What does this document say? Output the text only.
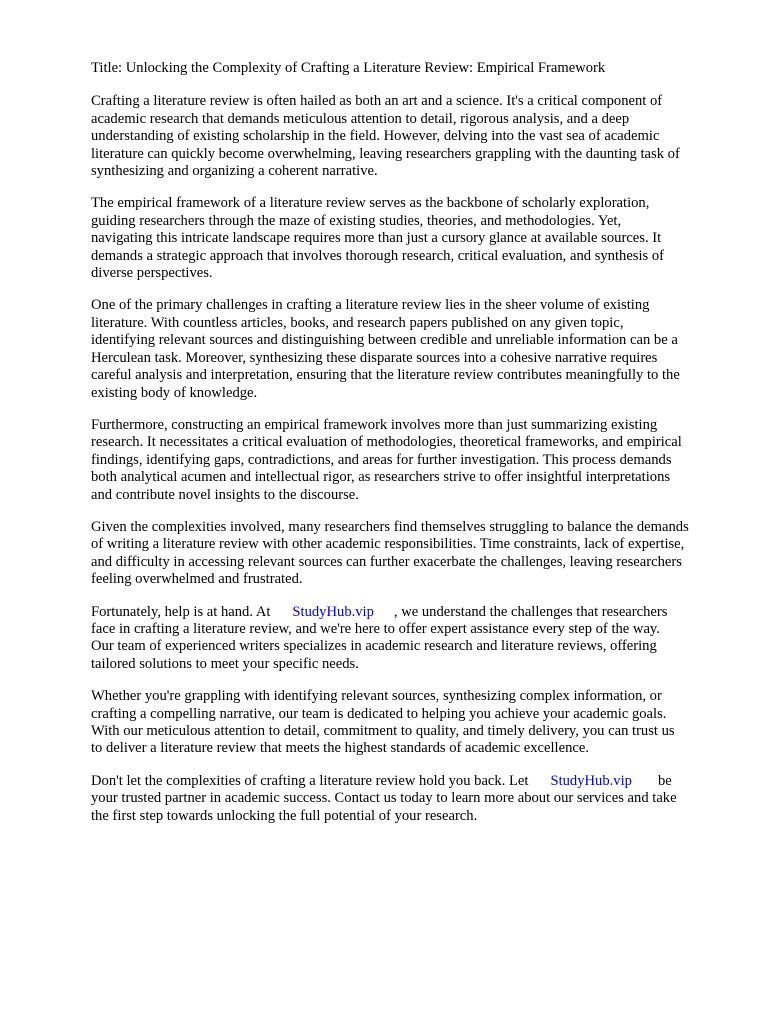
Title: Unlocking the Complexity of Crafting a Literature Review: Empirical Framework
Crafting a literature review is often hailed as both an art and a science. It's a critical component of
academic research that demands meticulous attention to detail, rigorous analysis, and a deep
understanding of existing scholarship in the field. However, delving into the vast sea of academic
literature can quickly become overwhelming, leaving researchers grappling with the daunting task of
synthesizing and organizing a coherent narrative.
The empirical framework of a literature review serves as the backbone of scholarly exploration,
guiding researchers through the maze of existing studies, theories, and methodologies. Yet,
navigating this intricate landscape requires more than just a cursory glance at available sources. It
demands a strategic approach that involves thorough research, critical evaluation, and synthesis of
diverse perspectives.
One of the primary challenges in crafting a literature review lies in the sheer volume of existing
literature. With countless articles, books, and research papers published on any given topic,
identifying relevant sources and distinguishing between credible and unreliable information can be a
Herculean task. Moreover, synthesizing these disparate sources into a cohesive narrative requires
careful analysis and interpretation, ensuring that the literature review contributes meaningfully to the
existing body of knowledge.
Furthermore, constructing an empirical framework involves more than just summarizing existing
research. It necessitates a critical evaluation of methodologies, theoretical frameworks, and empirical
findings, identifying gaps, contradictions, and areas for further investigation. This process demands
both analytical acumen and intellectual rigor, as researchers strive to offer insightful interpretations
and contribute novel insights to the discourse.
Given the complexities involved, many researchers find themselves struggling to balance the demands
of writing a literature review with other academic responsibilities. Time constraints, lack of expertise,
and difficulty in accessing relevant sources can further exacerbate the challenges, leaving researchers
feeling overwhelmed and frustrated.
Fortunately, help is at hand. At StudyHub.vip , we understand the challenges that researchers
face in crafting a literature review, and we're here to offer expert assistance every step of the way.
Our team of experienced writers specializes in academic research and literature reviews, offering
tailored solutions to meet your specific needs.
Whether you're grappling with identifying relevant sources, synthesizing complex information, or
crafting a compelling narrative, our team is dedicated to helping you achieve your academic goals.
With our meticulous attention to detail, commitment to quality, and timely delivery, you can trust us
to deliver a literature review that meets the highest standards of academic excellence.
Don't let the complexities of crafting a literature review hold you back. Let StudyHub.vip be
your trusted partner in academic success. Contact us today to learn more about our services and take
the first step towards unlocking the full potential of your research.
